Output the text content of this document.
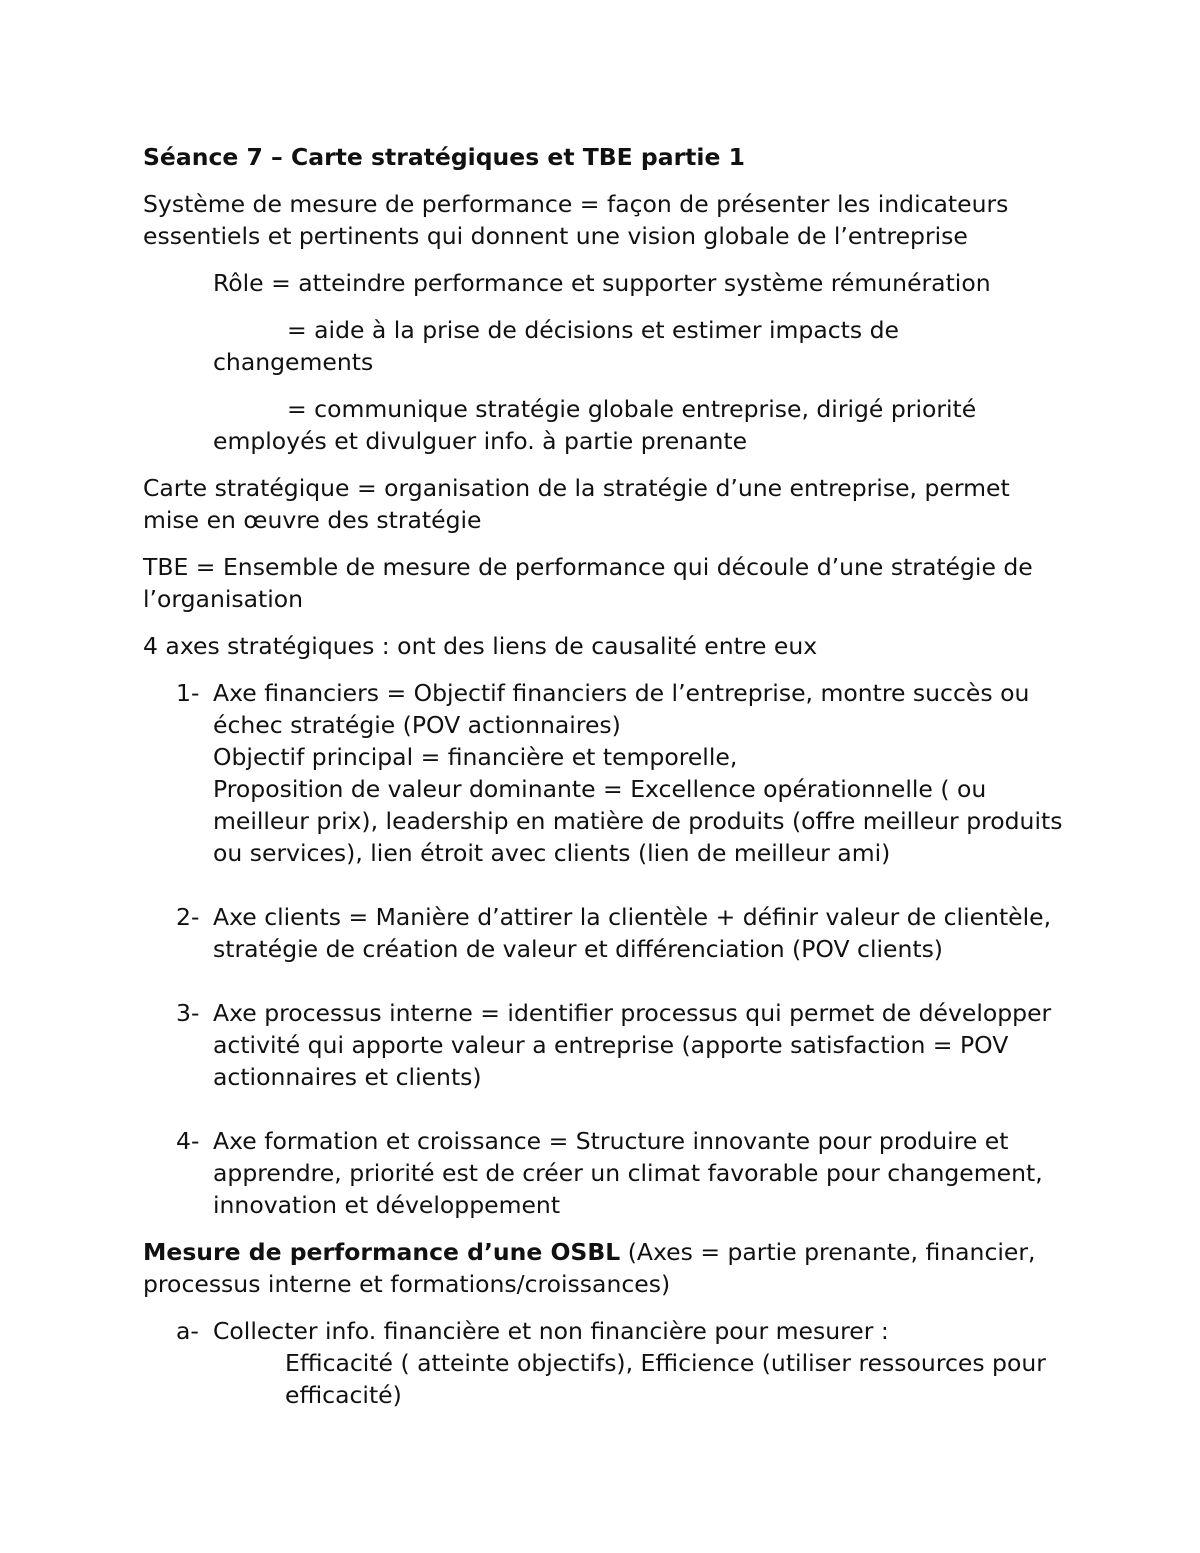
Séance 7 – Carte stratégiques et TBE partie 1

Système de mesure de performance = façon de présenter les indicateurs essentiels et pertinents qui donnent une vision globale de l’entreprise

Rôle = atteindre performance et supporter système rémunération

= aide à la prise de décisions et estimer impacts de
changements

= communique stratégie globale entreprise, dirigé priorité
employés et divulguer info. à partie prenante

Carte stratégique = organisation de la stratégie d’une entreprise, permet mise en œuvre des stratégie

TBE = Ensemble de mesure de performance qui découle d’une stratégie de l’organisation

4 axes stratégiques : ont des liens de causalité entre eux

1- Axe financiers = Objectif financiers de l’entreprise, montre succès ou échec stratégie (POV actionnaires)
Objectif principal = financière et temporelle,
Proposition de valeur dominante = Excellence opérationnelle ( ou meilleur prix), leadership en matière de produits (offre meilleur produits ou services), lien étroit avec clients (lien de meilleur ami)
2- Axe clients = Manière d’attirer la clientèle + définir valeur de clientèle, stratégie de création de valeur et différenciation (POV clients)
3- Axe processus interne = identifier processus qui permet de développer activité qui apporte valeur a entreprise (apporte satisfaction = POV actionnaires et clients)
4- Axe formation et croissance = Structure innovante pour produire et apprendre, priorité est de créer un climat favorable pour changement, innovation et développement

Mesure de performance d’une OSBL (Axes = partie prenante, financier, processus interne et formations/croissances)

a- Collecter info. financière et non financière pour mesurer :
Efficacité ( atteinte objectifs), Efficience (utiliser ressources pour efficacité)
